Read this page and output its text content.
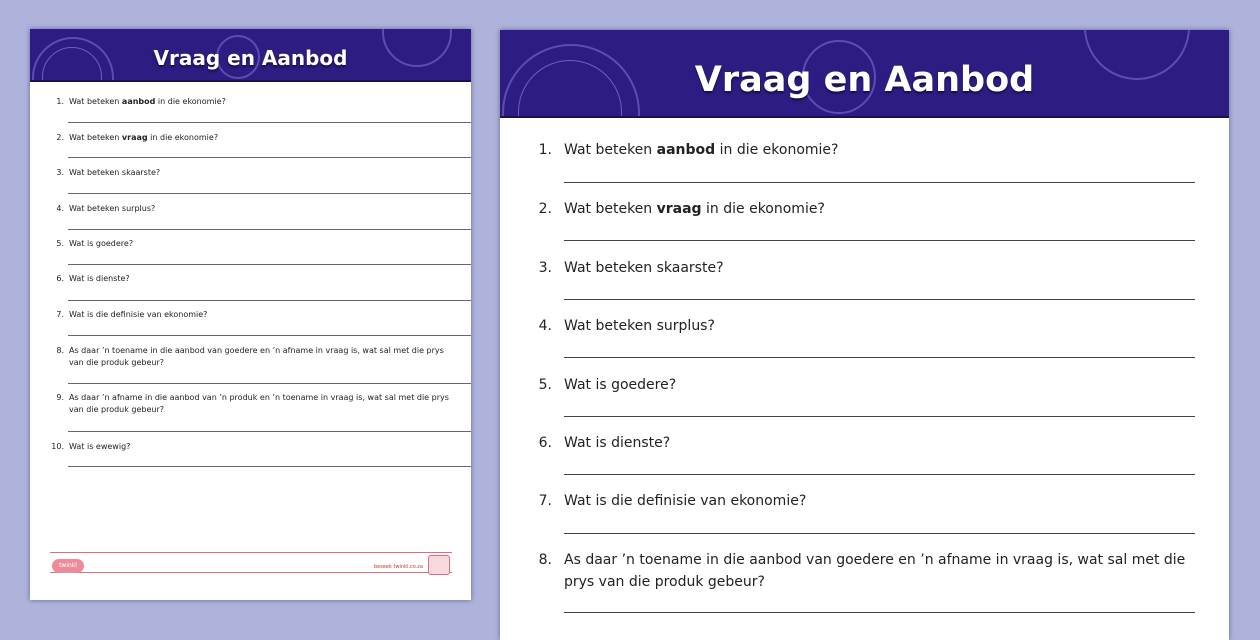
Vraag en Aanbod
1. Wat beteken aanbod in die ekonomie?
2. Wat beteken vraag in die ekonomie?
3. Wat beteken skaarste?
4. Wat beteken surplus?
5. Wat is goedere?
6. Wat is dienste?
7. Wat is die definisie van ekonomie?
8. As daar ’n toename in die aanbod van goedere en ’n afname in vraag is, wat sal met die prys van die produk gebeur?
9. As daar ’n afname in die aanbod van ’n produk en ’n toename in vraag is, wat sal met die prys van die produk gebeur?
10. Wat is ewewig?
twinkl	beseek twinkl.co.za
Vraag en Aanbod
1. Wat beteken aanbod in die ekonomie?
2. Wat beteken vraag in die ekonomie?
3. Wat beteken skaarste?
4. Wat beteken surplus?
5. Wat is goedere?
6. Wat is dienste?
7. Wat is die definisie van ekonomie?
8. As daar ’n toename in die aanbod van goedere en ’n afname in vraag is, wat sal met die prys van die produk gebeur?
